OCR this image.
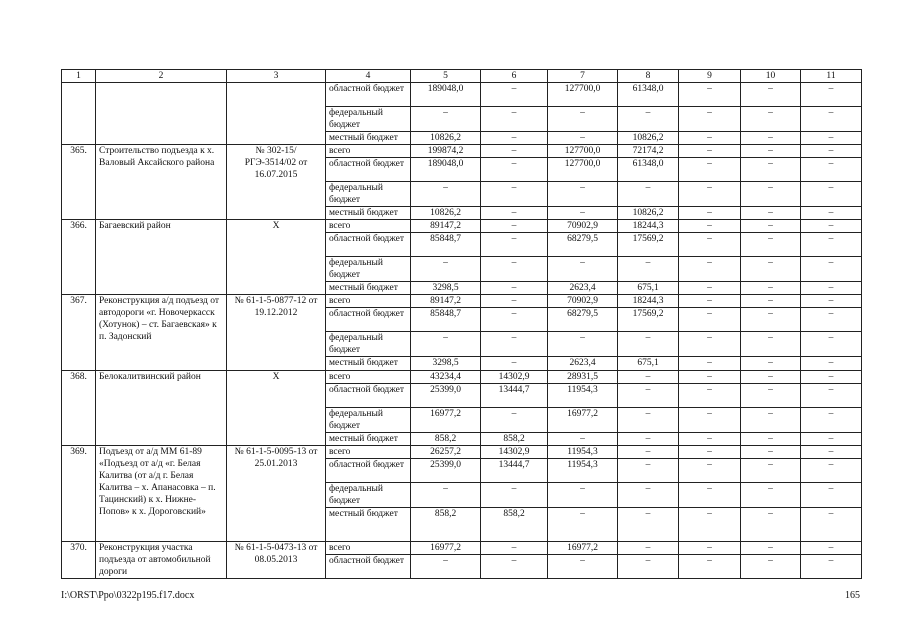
1	2	3	4	5	6	7	8	9	10	11
			областной бюджет	189048,0	–	127700,0	61348,0	–	–	–
			федеральный бюджет	–	–	–	–	–	–	–
			местный бюджет	10826,2	–	–	10826,2	–	–	–
365.	Строительство подъезда к х. Валовый Аксайского района	№ 302-15/РГЭ-3514/02 от 16.07.2015	всего	199874,2	–	127700,0	72174,2	–	–	–
			областной бюджет	189048,0	–	127700,0	61348,0	–	–	–
			федеральный бюджет	–	–	–	–	–	–	–
			местный бюджет	10826,2	–	–	10826,2	–	–	–
366.	Багаевский район	Х	всего	89147,2	–	70902,9	18244,3	–	–	–
			областной бюджет	85848,7	–	68279,5	17569,2	–	–	–
			федеральный бюджет	–	–	–	–	–	–	–
			местный бюджет	3298,5	–	2623,4	675,1	–	–	–
367.	Реконструкция а/д подъезд от автодороги «г. Новочеркасск (Хотунок) – ст. Багаевская» к п. Задонский	№ 61-1-5-0877-12 от 19.12.2012	всего	89147,2	–	70902,9	18244,3	–	–	–
			областной бюджет	85848,7	–	68279,5	17569,2	–	–	–
			федеральный бюджет	–	–	–	–	–	–	–
			местный бюджет	3298,5	–	2623,4	675,1	–	–	–
368.	Белокалитвинский район	Х	всего	43234,4	14302,9	28931,5	–	–	–	–
			областной бюджет	25399,0	13444,7	11954,3	–	–	–	–
			федеральный бюджет	16977,2	–	16977,2	–	–	–	–
			местный бюджет	858,2	858,2	–	–	–	–	–
369.	Подъезд от а/д ММ 61-89 «Подъезд от а/д «г. Белая Калитва (от а/д г. Белая Калитва – х. Апанасовка – п. Тацинский) к х. Нижне-Попов» к х. Дороговский»	№ 61-1-5-0095-13 от 25.01.2013	всего	26257,2	14302,9	11954,3	–	–	–	–
			областной бюджет	25399,0	13444,7	11954,3	–	–	–	–
			федеральный бюджет	–	–	–	–	–	–	–
			местный бюджет	858,2	858,2	–	–	–	–	–
370.	Реконструкция участка подъезда от автомобильной дороги	№ 61-1-5-0473-13 от 08.05.2013	всего	16977,2	–	16977,2	–	–	–	–
			областной бюджет	–	–	–	–	–	–	–
I:\ORST\Ppo\0322p195.f17.docx	165
